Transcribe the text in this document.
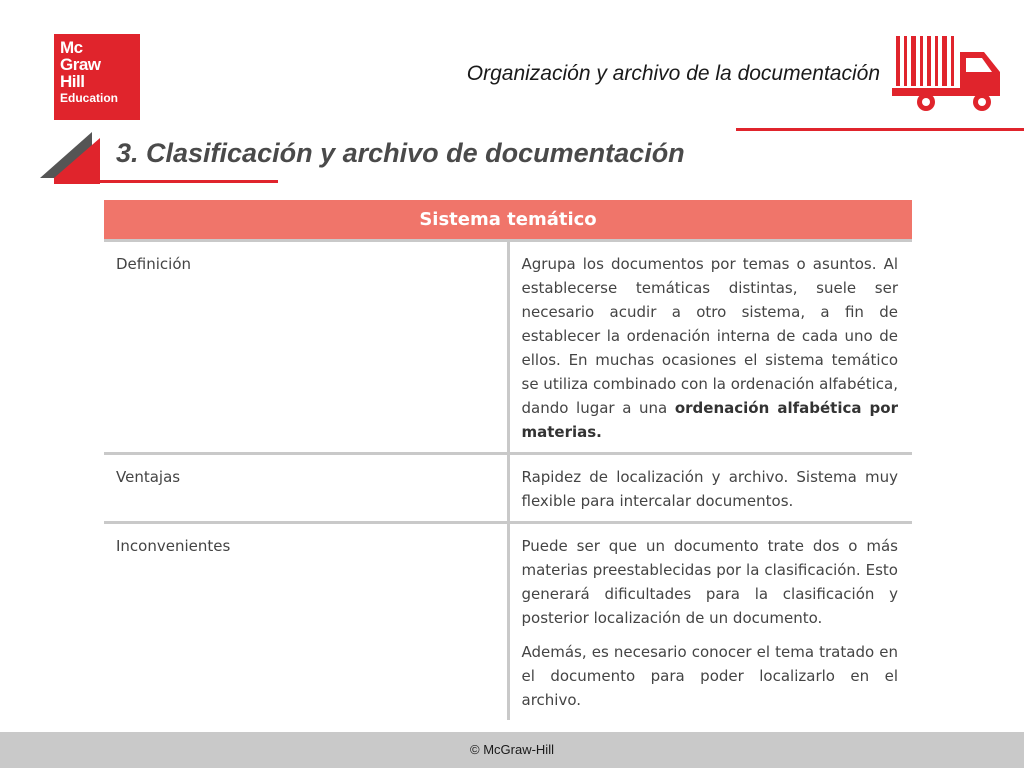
Mc
Graw
Hill
Education
Organización y archivo de la documentación
3. Clasificación y archivo de documentación
Sistema temático	
Definición	Agrupa los documentos por temas o asuntos. Al establecerse temáticas distintas, suele ser necesario acudir a otro sistema, a fin de establecer la ordenación interna de cada uno de ellos. En muchas ocasiones el sistema temático se utiliza combinado con la ordenación alfabética, dando lugar a una ordenación alfabética por materias.
Ventajas	Rapidez de localización y archivo. Sistema muy flexible para intercalar documentos.
Inconvenientes	Puede ser que un documento trate dos o más materias preestablecidas por la clasificación. Esto generará dificultades para la clasificación y posterior localización de un documento.

Además, es necesario conocer el tema tratado en el documento para poder localizarlo en el archivo.

© McGraw-Hill
